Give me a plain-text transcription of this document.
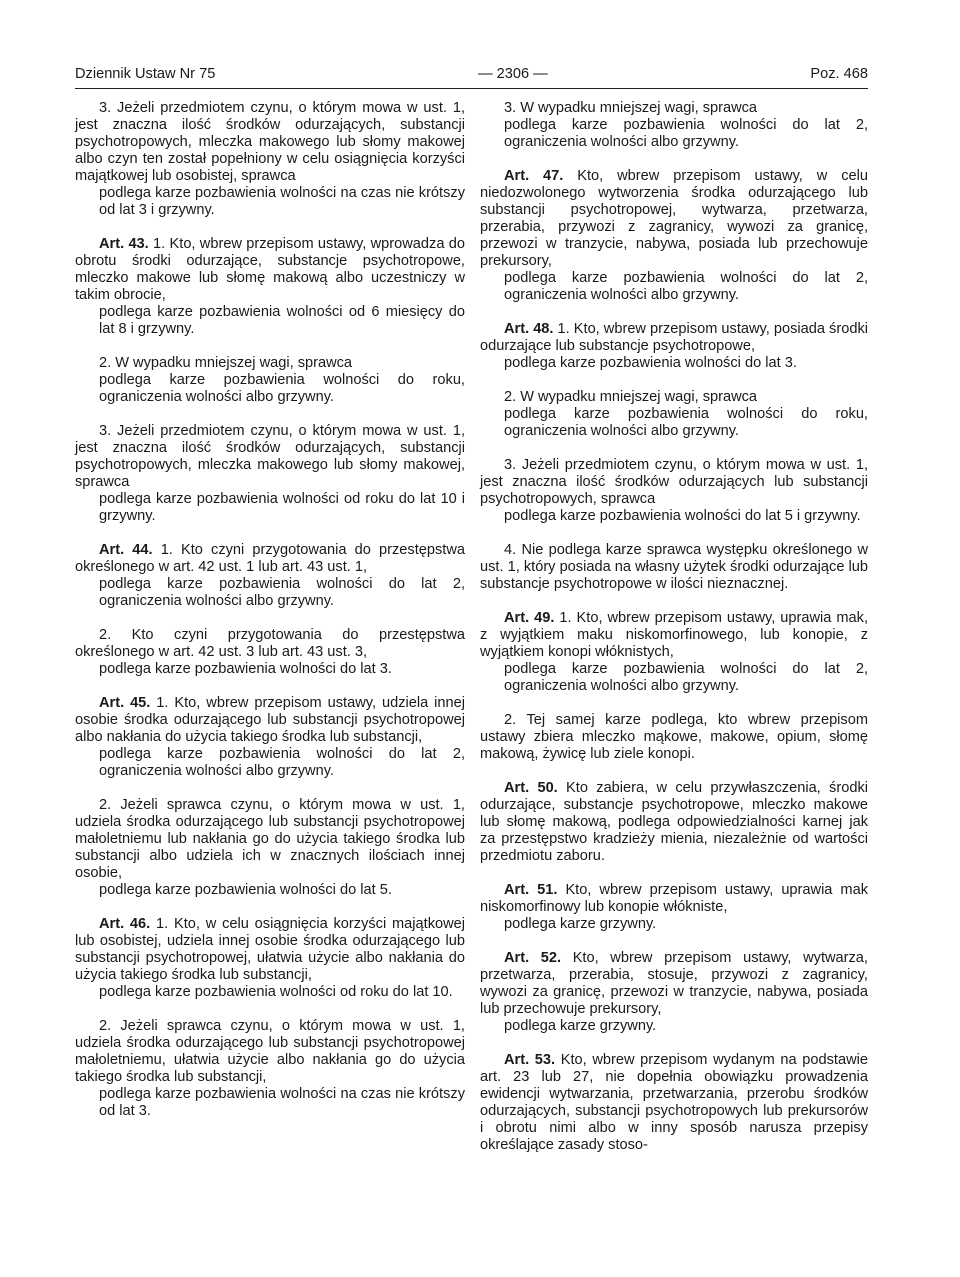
Dziennik Ustaw Nr 75	— 2306 —	Poz. 468

3. Jeżeli przedmiotem czynu, o którym mowa w ust. 1, jest znaczna ilość środków odurzających, substancji psychotropowych, mleczka makowego lub słomy makowej albo czyn ten został popełniony w celu osiągnięcia korzyści majątkowej lub osobistej, sprawca

podlega karze pozbawienia wolności na czas nie krótszy od lat 3 i grzywny.

Art. 43. 1. Kto, wbrew przepisom ustawy, wprowadza do obrotu środki odurzające, substancje psychotropowe, mleczko makowe lub słomę makową albo uczestniczy w takim obrocie,

podlega karze pozbawienia wolności od 6 miesięcy do lat 8 i grzywny.

2. W wypadku mniejszej wagi, sprawca

podlega karze pozbawienia wolności do roku, ograniczenia wolności albo grzywny.

3. Jeżeli przedmiotem czynu, o którym mowa w ust. 1, jest znaczna ilość środków odurzających, substancji psychotropowych, mleczka makowego lub słomy makowej, sprawca

podlega karze pozbawienia wolności od roku do lat 10 i grzywny.

Art. 44. 1. Kto czyni przygotowania do przestępstwa określonego w art. 42 ust. 1 lub art. 43 ust. 1,

podlega karze pozbawienia wolności do lat 2, ograniczenia wolności albo grzywny.

2. Kto czyni przygotowania do przestępstwa określonego w art. 42 ust. 3 lub art. 43 ust. 3,

podlega karze pozbawienia wolności do lat 3.

Art. 45. 1. Kto, wbrew przepisom ustawy, udziela innej osobie środka odurzającego lub substancji psychotropowej albo nakłania do użycia takiego środka lub substancji,

podlega karze pozbawienia wolności do lat 2, ograniczenia wolności albo grzywny.

2. Jeżeli sprawca czynu, o którym mowa w ust. 1, udziela środka odurzającego lub substancji psychotropowej małoletniemu lub nakłania go do użycia takiego środka lub substancji albo udziela ich w znacznych ilościach innej osobie,

podlega karze pozbawienia wolności do lat 5.

Art. 46. 1. Kto, w celu osiągnięcia korzyści majątkowej lub osobistej, udziela innej osobie środka odurzającego lub substancji psychotropowej, ułatwia użycie albo nakłania do użycia takiego środka lub substancji,

podlega karze pozbawienia wolności od roku do lat 10.

2. Jeżeli sprawca czynu, o którym mowa w ust. 1, udziela środka odurzającego lub substancji psychotropowej małoletniemu, ułatwia użycie albo nakłania go do użycia takiego środka lub substancji,

podlega karze pozbawienia wolności na czas nie krótszy od lat 3.

3. W wypadku mniejszej wagi, sprawca

podlega karze pozbawienia wolności do lat 2, ograniczenia wolności albo grzywny.

Art. 47. Kto, wbrew przepisom ustawy, w celu niedozwolonego wytworzenia środka odurzającego lub substancji psychotropowej, wytwarza, przetwarza, przerabia, przywozi z zagranicy, wywozi za granicę, przewozi w tranzycie, nabywa, posiada lub przechowuje prekursory,

podlega karze pozbawienia wolności do lat 2, ograniczenia wolności albo grzywny.

Art. 48. 1. Kto, wbrew przepisom ustawy, posiada środki odurzające lub substancje psychotropowe,

podlega karze pozbawienia wolności do lat 3.

2. W wypadku mniejszej wagi, sprawca

podlega karze pozbawienia wolności do roku, ograniczenia wolności albo grzywny.

3. Jeżeli przedmiotem czynu, o którym mowa w ust. 1, jest znaczna ilość środków odurzających lub substancji psychotropowych, sprawca

podlega karze pozbawienia wolności do lat 5 i grzywny.

4. Nie podlega karze sprawca występku określonego w ust. 1, który posiada na własny użytek środki odurzające lub substancje psychotropowe w ilości nieznacznej.

Art. 49. 1. Kto, wbrew przepisom ustawy, uprawia mak, z wyjątkiem maku niskomorfinowego, lub konopie, z wyjątkiem konopi włóknistych,

podlega karze pozbawienia wolności do lat 2, ograniczenia wolności albo grzywny.

2. Tej samej karze podlega, kto wbrew przepisom ustawy zbiera mleczko mąkowe, makowe, opium, słomę makową, żywicę lub ziele konopi.

Art. 50. Kto zabiera, w celu przywłaszczenia, środki odurzające, substancje psychotropowe, mleczko makowe lub słomę makową, podlega odpowiedzialności karnej jak za przestępstwo kradzieży mienia, niezależnie od wartości przedmiotu zaboru.

Art. 51. Kto, wbrew przepisom ustawy, uprawia mak niskomorfinowy lub konopie włókniste,

podlega karze grzywny.

Art. 52. Kto, wbrew przepisom ustawy, wytwarza, przetwarza, przerabia, stosuje, przywozi z zagranicy, wywozi za granicę, przewozi w tranzycie, nabywa, posiada lub przechowuje prekursory,

podlega karze grzywny.

Art. 53. Kto, wbrew przepisom wydanym na podstawie art. 23 lub 27, nie dopełnia obowiązku prowadzenia ewidencji wytwarzania, przetwarzania, przerobu środków odurzających, substancji psychotropowych lub prekursorów i obrotu nimi albo w inny sposób narusza przepisy określające zasady stoso-
